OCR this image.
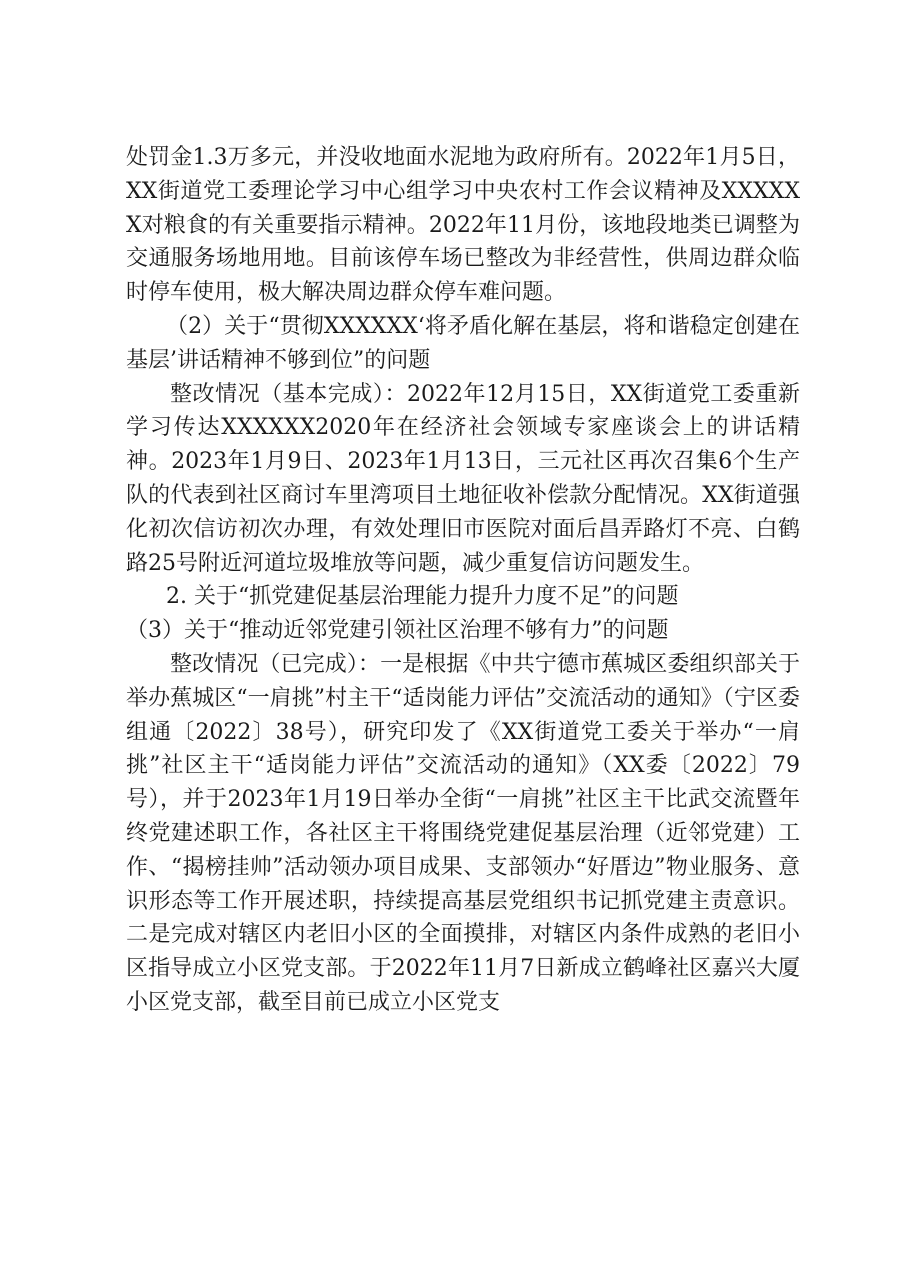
处罚金1.3万多元，并没收地面水泥地为政府所有。2022年1月5日，XX街道党工委理论学习中心组学习中央农村工作会议精神及XXXXXX对粮食的有关重要指示精神。2022年11月份，该地段地类已调整为交通服务场地用地。目前该停车场已整改为非经营性，供周边群众临时停车使用，极大解决周边群众停车难问题。

（2）关于“贯彻XXXXXX‘将矛盾化解在基层，将和谐稳定创建在基层’讲话精神不够到位”的问题

整改情况（基本完成）：2022年12月15日，XX街道党工委重新学习传达XXXXXX2020年在经济社会领域专家座谈会上的讲话精神。2023年1月9日、2023年1月13日，三元社区再次召集6个生产队的代表到社区商讨车里湾项目土地征收补偿款分配情况。XX街道强化初次信访初次办理，有效处理旧市医院对面后昌弄路灯不亮、白鹤路25号附近河道垃圾堆放等问题，减少重复信访问题发生。

2. 关于“抓党建促基层治理能力提升力度不足”的问题

（3）关于“推动近邻党建引领社区治理不够有力”的问题

整改情况（已完成）：一是根据《中共宁德市蕉城区委组织部关于举办蕉城区“一肩挑”村主干“适岗能力评估”交流活动的通知》（宁区委组通〔2022〕38号），研究印发了《XX街道党工委关于举办“一肩挑”社区主干“适岗能力评估”交流活动的通知》（XX委〔2022〕79号），并于2023年1月19日举办全街“一肩挑”社区主干比武交流暨年终党建述职工作，各社区主干将围绕党建促基层治理（近邻党建）工作、“揭榜挂帅”活动领办项目成果、支部领办“好厝边”物业服务、意识形态等工作开展述职，持续提高基层党组织书记抓党建主责意识。二是完成对辖区内老旧小区的全面摸排，对辖区内条件成熟的老旧小区指导成立小区党支部。于2022年11月7日新成立鹤峰社区嘉兴大厦小区党支部，截至目前已成立小区党支
